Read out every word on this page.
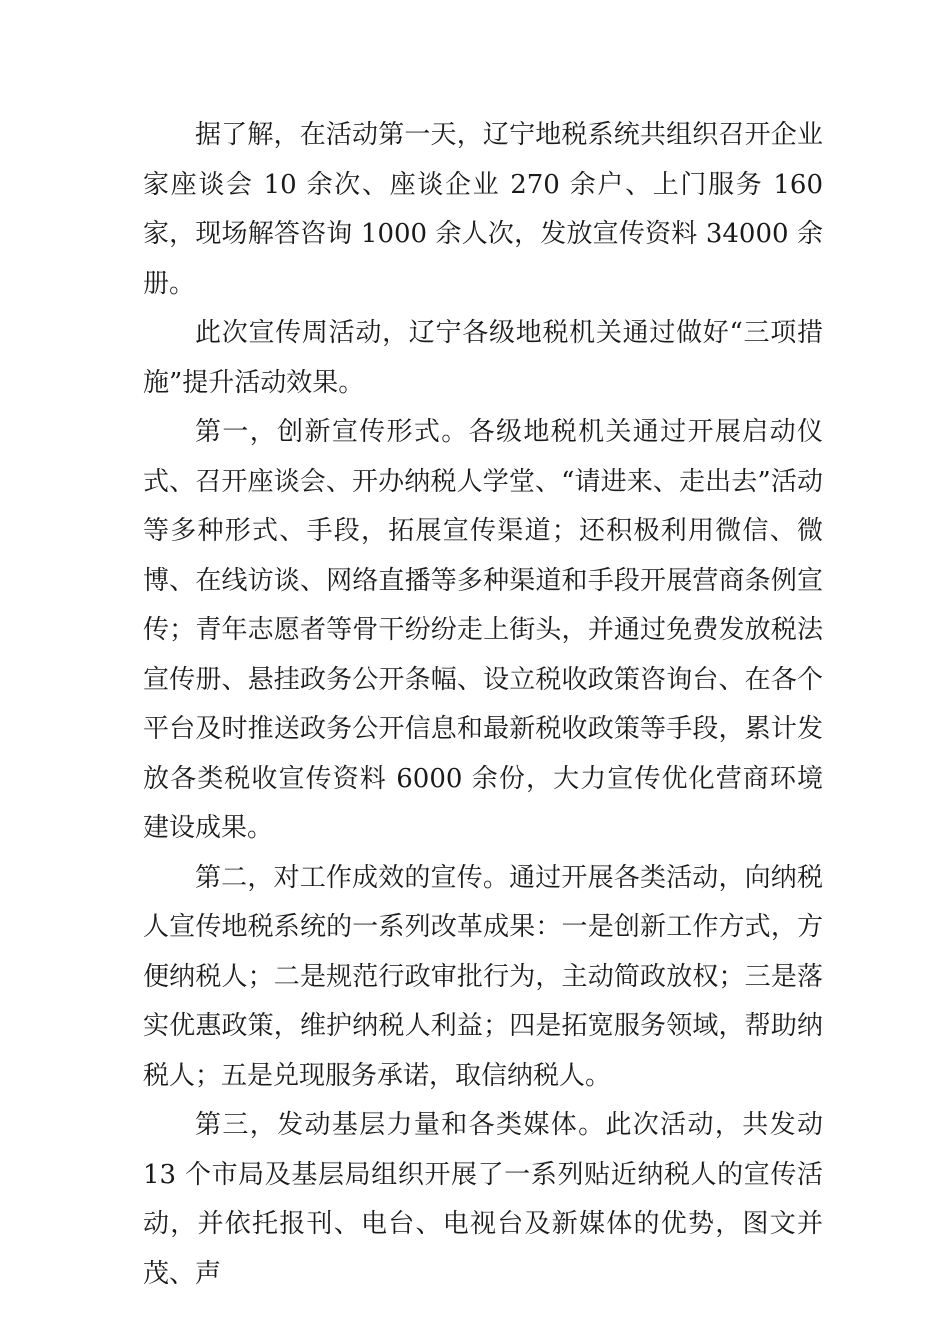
据了解，在活动第一天，辽宁地税系统共组织召开企业家座谈会 10 余次、座谈企业 270 余户、上门服务 160 家，现场解答咨询 1000 余人次，发放宣传资料 34000 余册。

此次宣传周活动，辽宁各级地税机关通过做好“三项措施”提升活动效果。

第一，创新宣传形式。各级地税机关通过开展启动仪式、召开座谈会、开办纳税人学堂、“请进来、走出去”活动等多种形式、手段，拓展宣传渠道；还积极利用微信、微博、在线访谈、网络直播等多种渠道和手段开展营商条例宣传；青年志愿者等骨干纷纷走上街头，并通过免费发放税法宣传册、悬挂政务公开条幅、设立税收政策咨询台、在各个平台及时推送政务公开信息和最新税收政策等手段，累计发放各类税收宣传资料 6000 余份，大力宣传优化营商环境建设成果。

第二，对工作成效的宣传。通过开展各类活动，向纳税人宣传地税系统的一系列改革成果：一是创新工作方式，方便纳税人；二是规范行政审批行为，主动简政放权；三是落实优惠政策，维护纳税人利益；四是拓宽服务领域，帮助纳税人；五是兑现服务承诺，取信纳税人。

第三，发动基层力量和各类媒体。此次活动，共发动 13 个市局及基层局组织开展了一系列贴近纳税人的宣传活动，并依托报刊、电台、电视台及新媒体的优势，图文并茂、声
